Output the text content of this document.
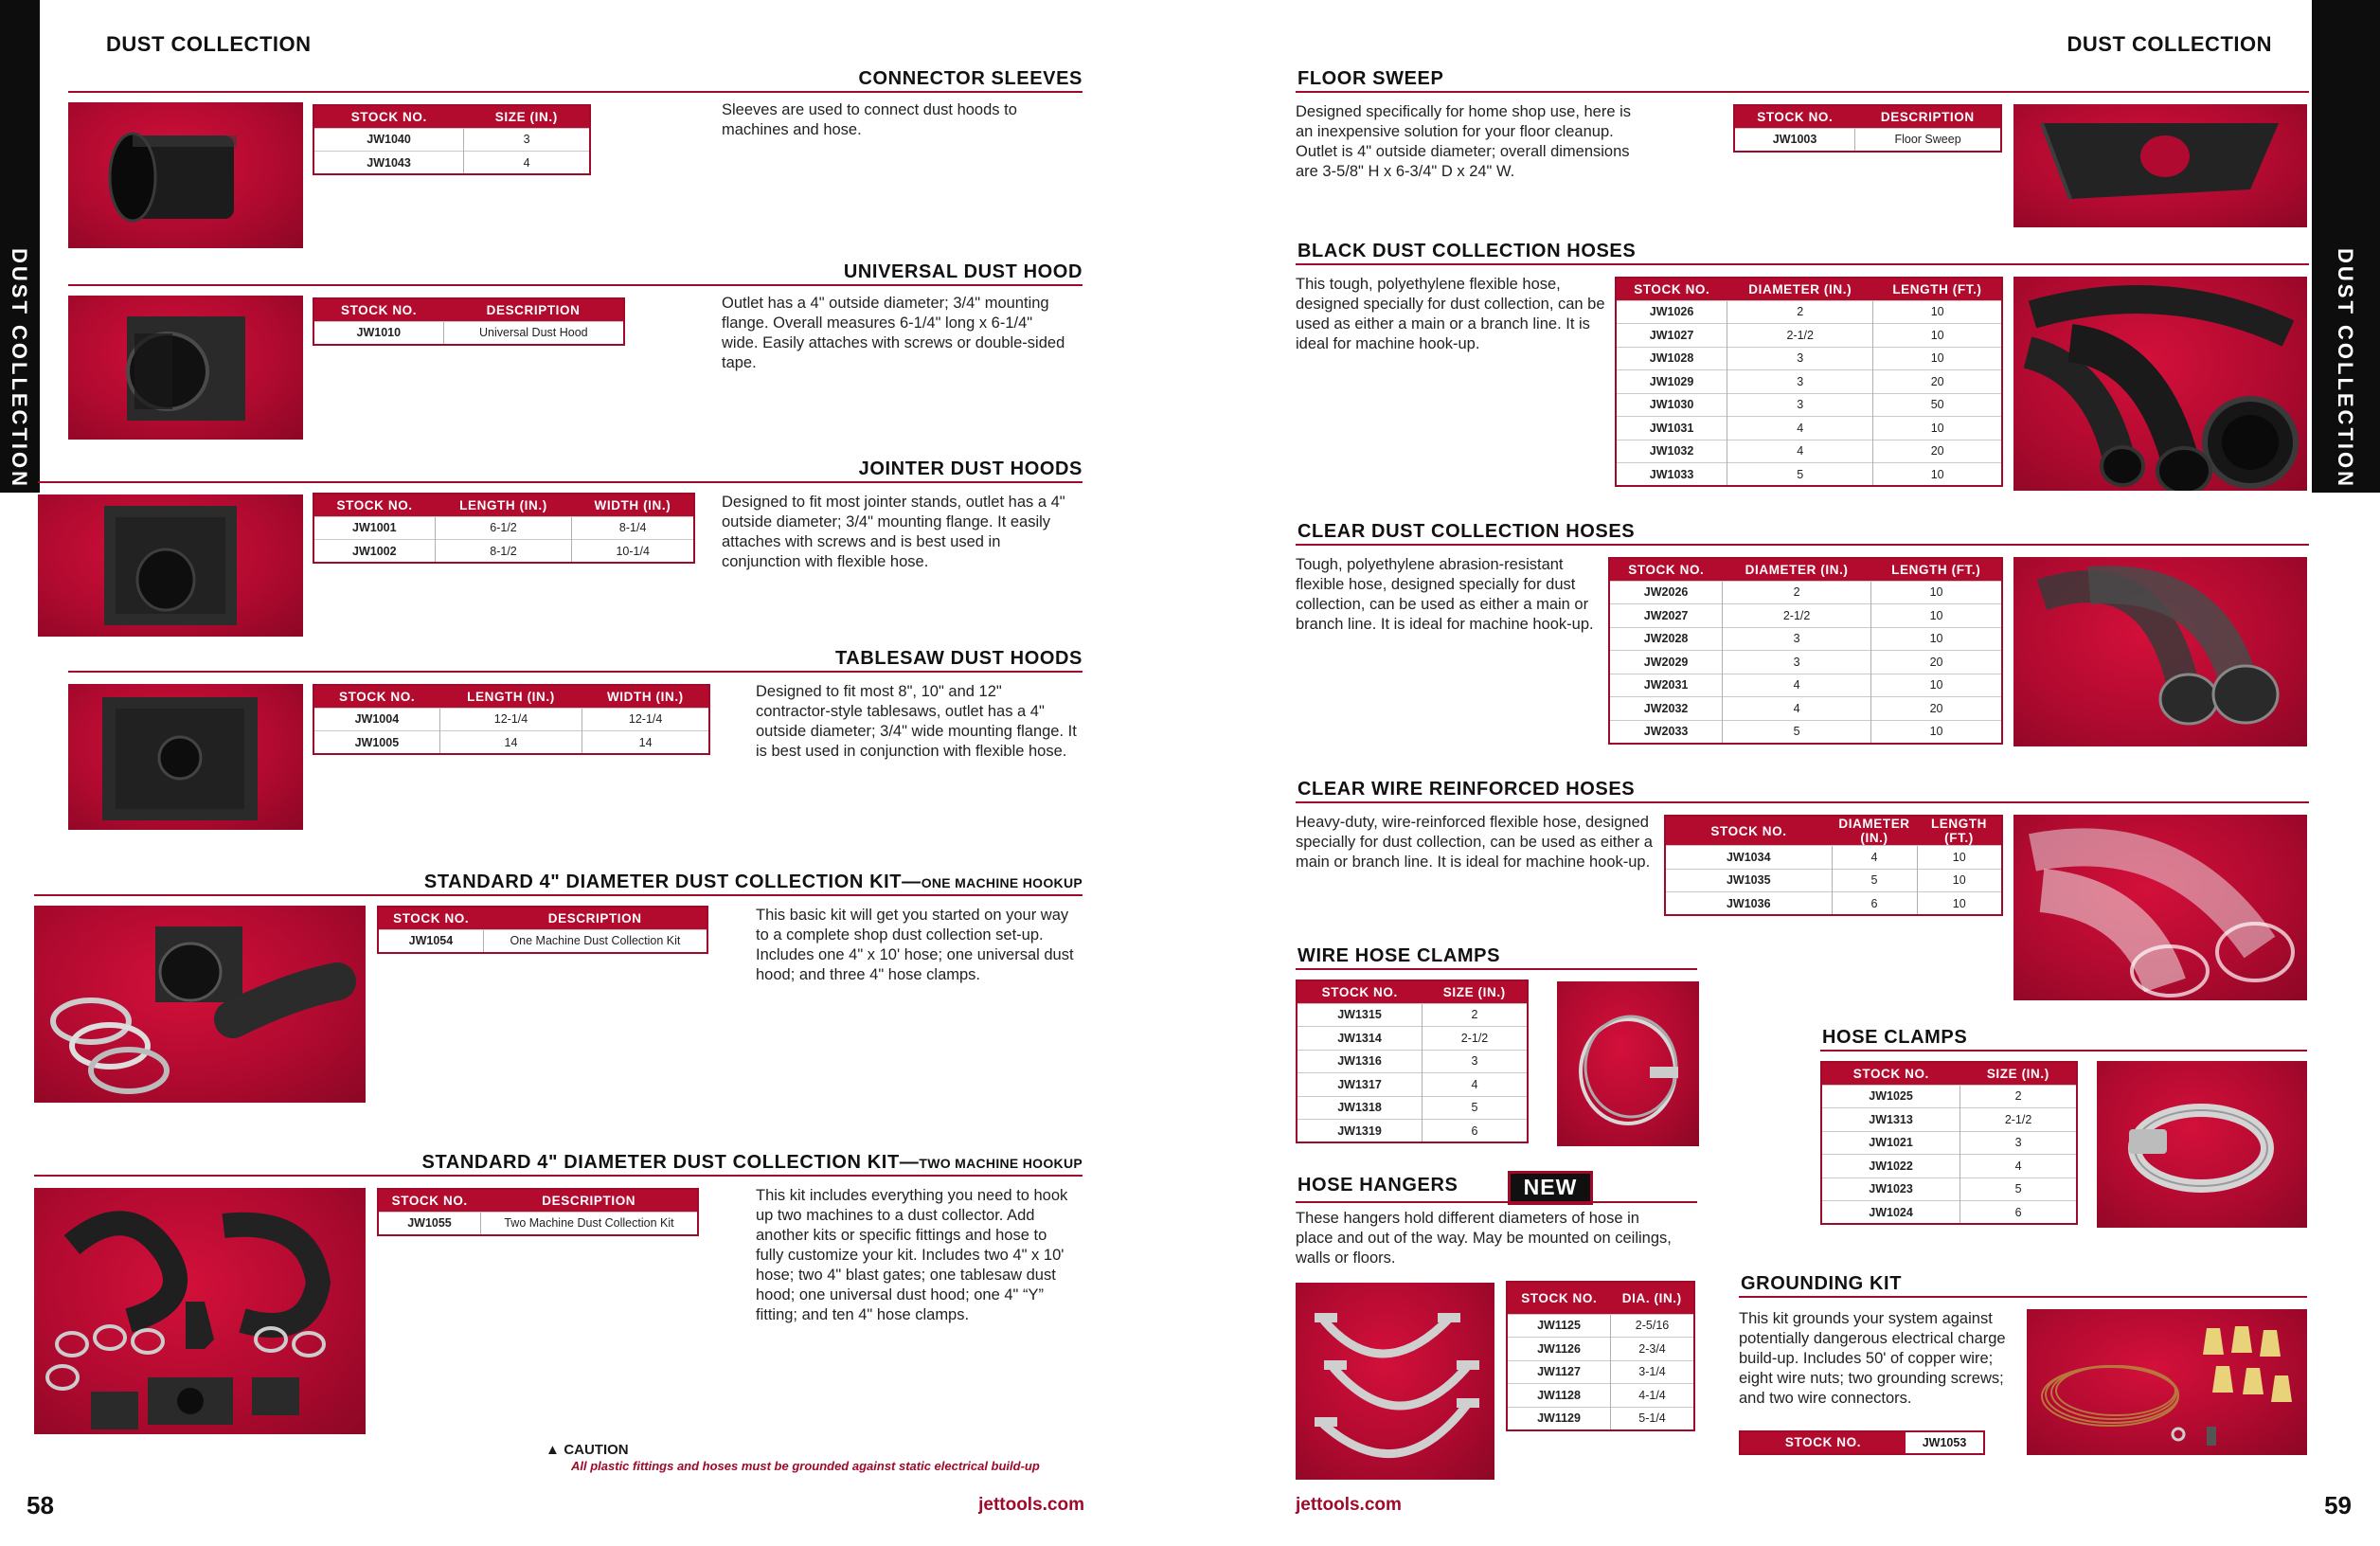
DUST COLLECTION
DUST COLLECTION
CONNECTOR SLEEVES
STOCK NO.	SIZE (IN.)
JW1040	3
JW1043	4
Sleeves are used to connect dust hoods to machines and hose.
UNIVERSAL DUST HOOD
STOCK NO.	DESCRIPTION
JW1010	Universal Dust Hood
Outlet has a 4" outside diameter; 3/4" mounting flange. Overall measures 6-1/4" long x 6-1/4" wide. Easily attaches with screws or double-sided tape.
JOINTER DUST HOODS
STOCK NO.	LENGTH (IN.)	WIDTH (IN.)
JW1001	6-1/2	8-1/4
JW1002	8-1/2	10-1/4
Designed to fit most jointer stands, outlet has a 4" outside diameter; 3/4" mounting flange. It easily attaches with screws and is best used in conjunction with flexible hose.
TABLESAW DUST HOODS
STOCK NO.	LENGTH (IN.)	WIDTH (IN.)
JW1004	12-1/4	12-1/4
JW1005	14	14
Designed to fit most 8", 10" and 12" contractor-style tablesaws, outlet has a 4" outside diameter; 3/4" wide mounting flange. It is best used in conjunction with flexible hose.
STANDARD 4" DIAMETER DUST COLLECTION KIT—ONE MACHINE HOOKUP
STOCK NO.	DESCRIPTION
JW1054	One Machine Dust Collection Kit
This basic kit will get you started on your way to a complete shop dust collection set-up. Includes one 4" x 10' hose; one universal dust hood; and three 4" hose clamps.
STANDARD 4" DIAMETER DUST COLLECTION KIT—TWO MACHINE HOOKUP
STOCK NO.	DESCRIPTION
JW1055	Two Machine Dust Collection Kit
This kit includes everything you need to hook up two machines to a dust collector. Add another kits or specific fittings and hose to fully customize your kit. Includes two 4" x 10' hose; two 4" blast gates; one tablesaw dust hood; one universal dust hood; one 4" “Y” fitting; and ten 4" hose clamps.
▲ CAUTION
All plastic fittings and hoses must be grounded against static electrical build-up
58	jettools.com
DUST COLLECTION
DUST COLLECTION
FLOOR SWEEP
Designed specifically for home shop use, here is an inexpensive solution for your floor cleanup. Outlet is 4" outside diameter; overall dimensions are 3-5/8" H x 6-3/4" D x 24" W.
STOCK NO.	DESCRIPTION
JW1003	Floor Sweep
BLACK DUST COLLECTION HOSES
This tough, polyethylene flexible hose, designed specially for dust collection, can be used as either a main or a branch line. It is ideal for machine hook-up.
STOCK NO.	DIAMETER (IN.)	LENGTH (FT.)
JW1026	2	10
JW1027	2-1/2	10
JW1028	3	10
JW1029	3	20
JW1030	3	50
JW1031	4	10
JW1032	4	20
JW1033	5	10
CLEAR DUST COLLECTION HOSES
Tough, polyethylene abrasion-resistant flexible hose, designed specially for dust collection, can be used as either a main or branch line. It is ideal for machine hook-up.
STOCK NO.	DIAMETER (IN.)	LENGTH (FT.)
JW2026	2	10
JW2027	2-1/2	10
JW2028	3	10
JW2029	3	20
JW2031	4	10
JW2032	4	20
JW2033	5	10
CLEAR WIRE REINFORCED HOSES
Heavy-duty, wire-reinforced flexible hose, designed specially for dust collection, can be used as either a main or branch line. It is ideal for machine hook-up.
STOCK NO.	DIAMETER (IN.)	LENGTH (FT.)
JW1034	4	10
JW1035	5	10
JW1036	6	10
WIRE HOSE CLAMPS
STOCK NO.	SIZE (IN.)
JW1315	2
JW1314	2-1/2
JW1316	3
JW1317	4
JW1318	5
JW1319	6
HOSE CLAMPS
STOCK NO.	SIZE (IN.)
JW1025	2
JW1313	2-1/2
JW1021	3
JW1022	4
JW1023	5
JW1024	6
HOSE HANGERS	NEW
These hangers hold different diameters of hose in place and out of the way. May be mounted on ceilings, walls or floors.
STOCK NO.	DIA. (IN.)
JW1125	2-5/16
JW1126	2-3/4
JW1127	3-1/4
JW1128	4-1/4
JW1129	5-1/4
GROUNDING KIT
This kit grounds your system against potentially dangerous electrical charge build-up. Includes 50' of copper wire; eight wire nuts; two grounding screws; and two wire connectors.
STOCK NO.	JW1053
jettools.com	59
